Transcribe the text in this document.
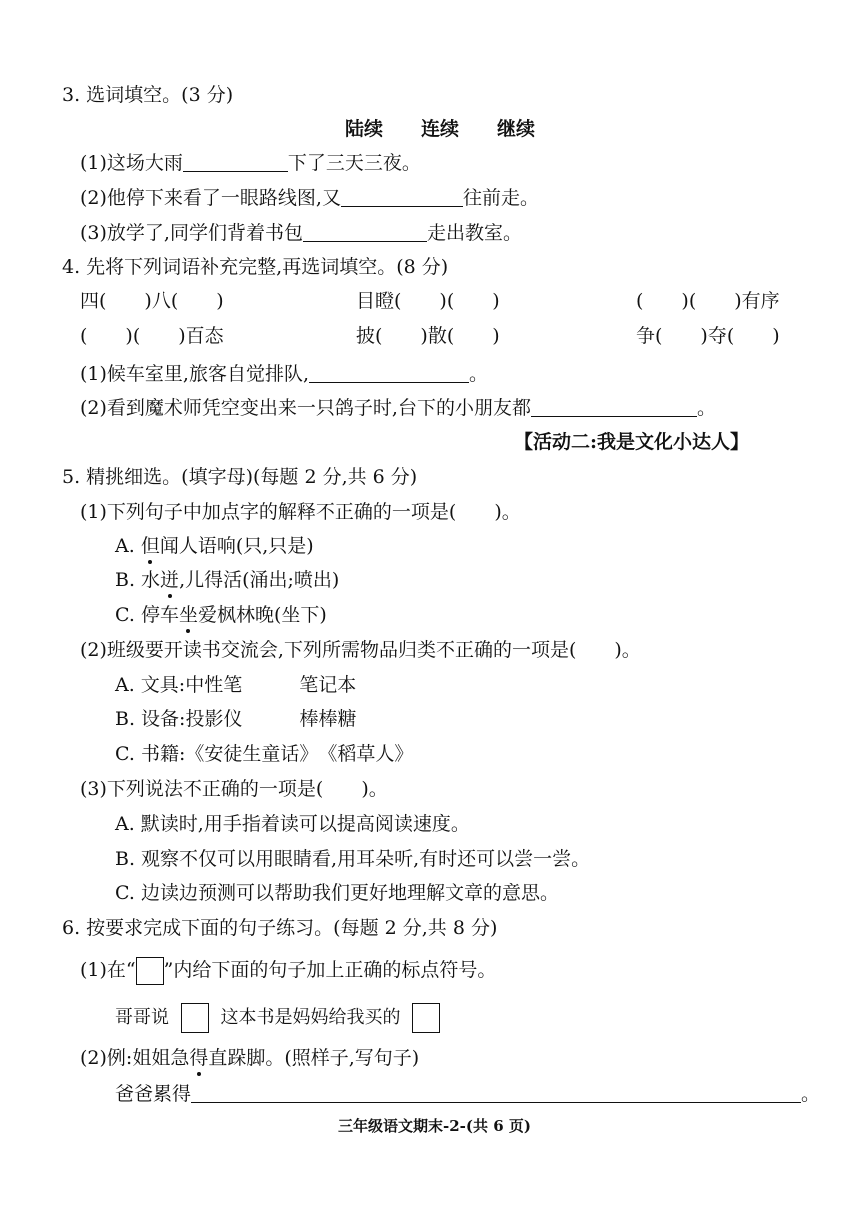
3. 选词填空。(3 分)
陆续 连续 继续
(1)这场大雨	下了三天三夜。
(2)他停下来看了一眼路线图,又	往前走。
(3)放学了,同学们背着书包	走出教室。
4. 先将下列词语补充完整,再选词填空。(8 分)
四(　　)八(　　)	目瞪(　　)(　　)	(　　)(　　)有序
(　　)(　　)百态	披(　　)散(　　)	争(　　)夺(　　)
(1)候车室里,旅客自觉排队,	。
(2)看到魔术师凭空变出来一只鸽子时,台下的小朋友都	。
【活动二:我是文化小达人】
5. 精挑细选。(填字母)(每题 2 分,共 6 分)
(1)下列句子中加点字的解释不正确的一项是(　　)。
A. 但闻人语响(只,只是)
B. 水迸,儿得活(涌出;喷出)
C. 停车坐爱枫林晚(坐下)
(2)班级要开读书交流会,下列所需物品归类不正确的一项是(　　)。
A. 文具:中性笔　　　笔记本
B. 设备:投影仪　　　棒棒糖
C. 书籍:《安徒生童话》　《稻草人》
(3)下列说法不正确的一项是(　　)。
A. 默读时,用手指着读可以提高阅读速度。
B. 观察不仅可以用眼睛看,用耳朵听,有时还可以尝一尝。
C. 边读边预测可以帮助我们更好地理解文章的意思。
6. 按要求完成下面的句子练习。(每题 2 分,共 8 分)
(1)在“ ”内给下面的句子加上正确的标点符号。
哥哥说	这本书是妈妈给我买的
(2)例:姐姐急得直跺脚。(照样子,写句子)
爸爸累得	。
三年级语文期末-2-(共 6 页)
